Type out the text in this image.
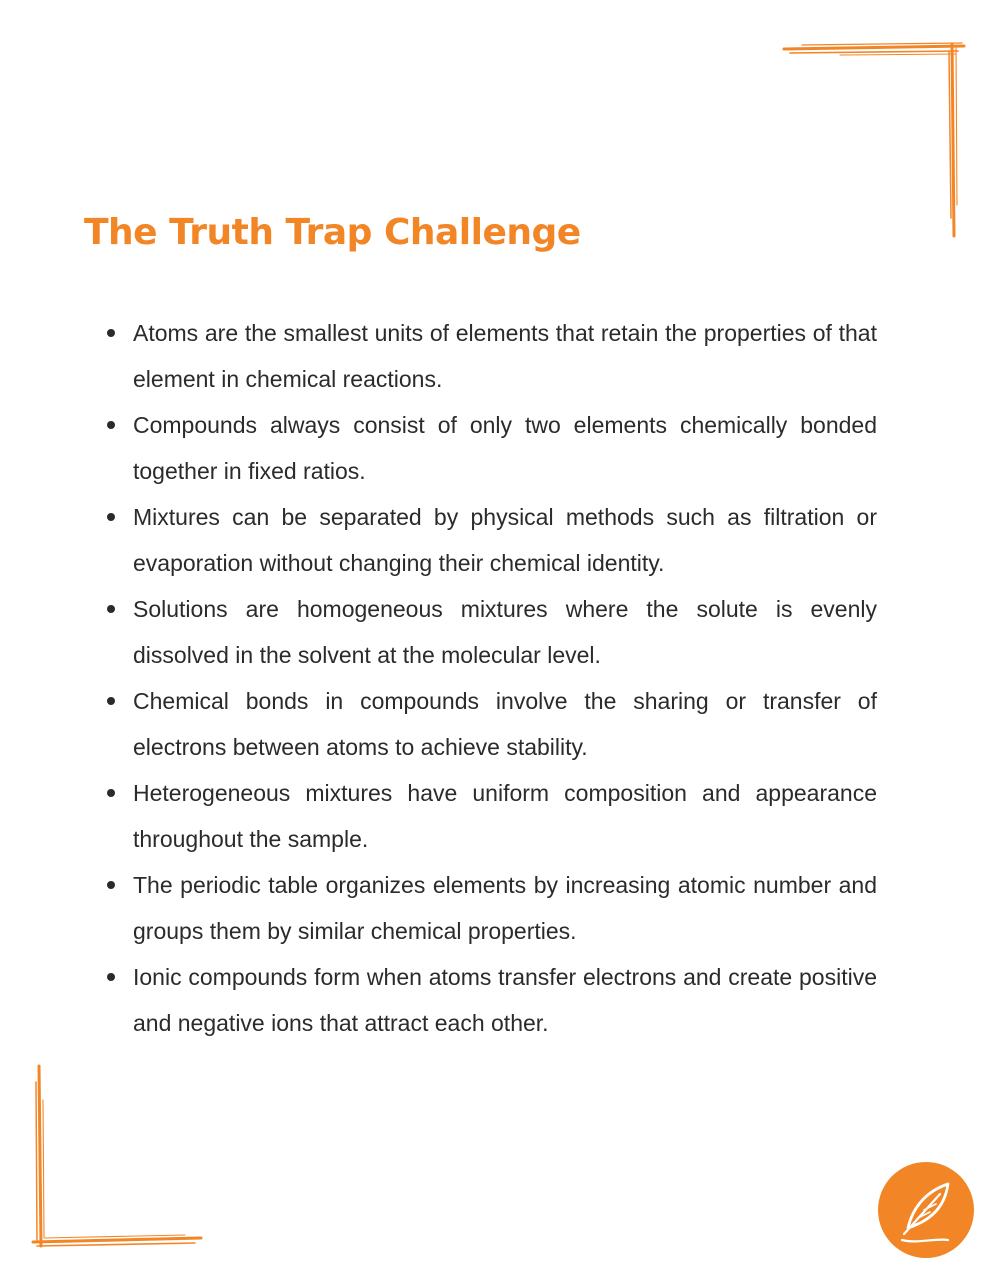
The Truth Trap Challenge
Atoms are the smallest units of elements that retain the properties of that element in chemical reactions.
Compounds always consist of only two elements chemically bonded together in fixed ratios.
Mixtures can be separated by physical methods such as filtration or evaporation without changing their chemical identity.
Solutions are homogeneous mixtures where the solute is evenly dissolved in the solvent at the molecular level.
Chemical bonds in compounds involve the sharing or transfer of electrons between atoms to achieve stability.
Heterogeneous mixtures have uniform composition and appearance throughout the sample.
The periodic table organizes elements by increasing atomic number and groups them by similar chemical properties.
Ionic compounds form when atoms transfer electrons and create positive and negative ions that attract each other.
